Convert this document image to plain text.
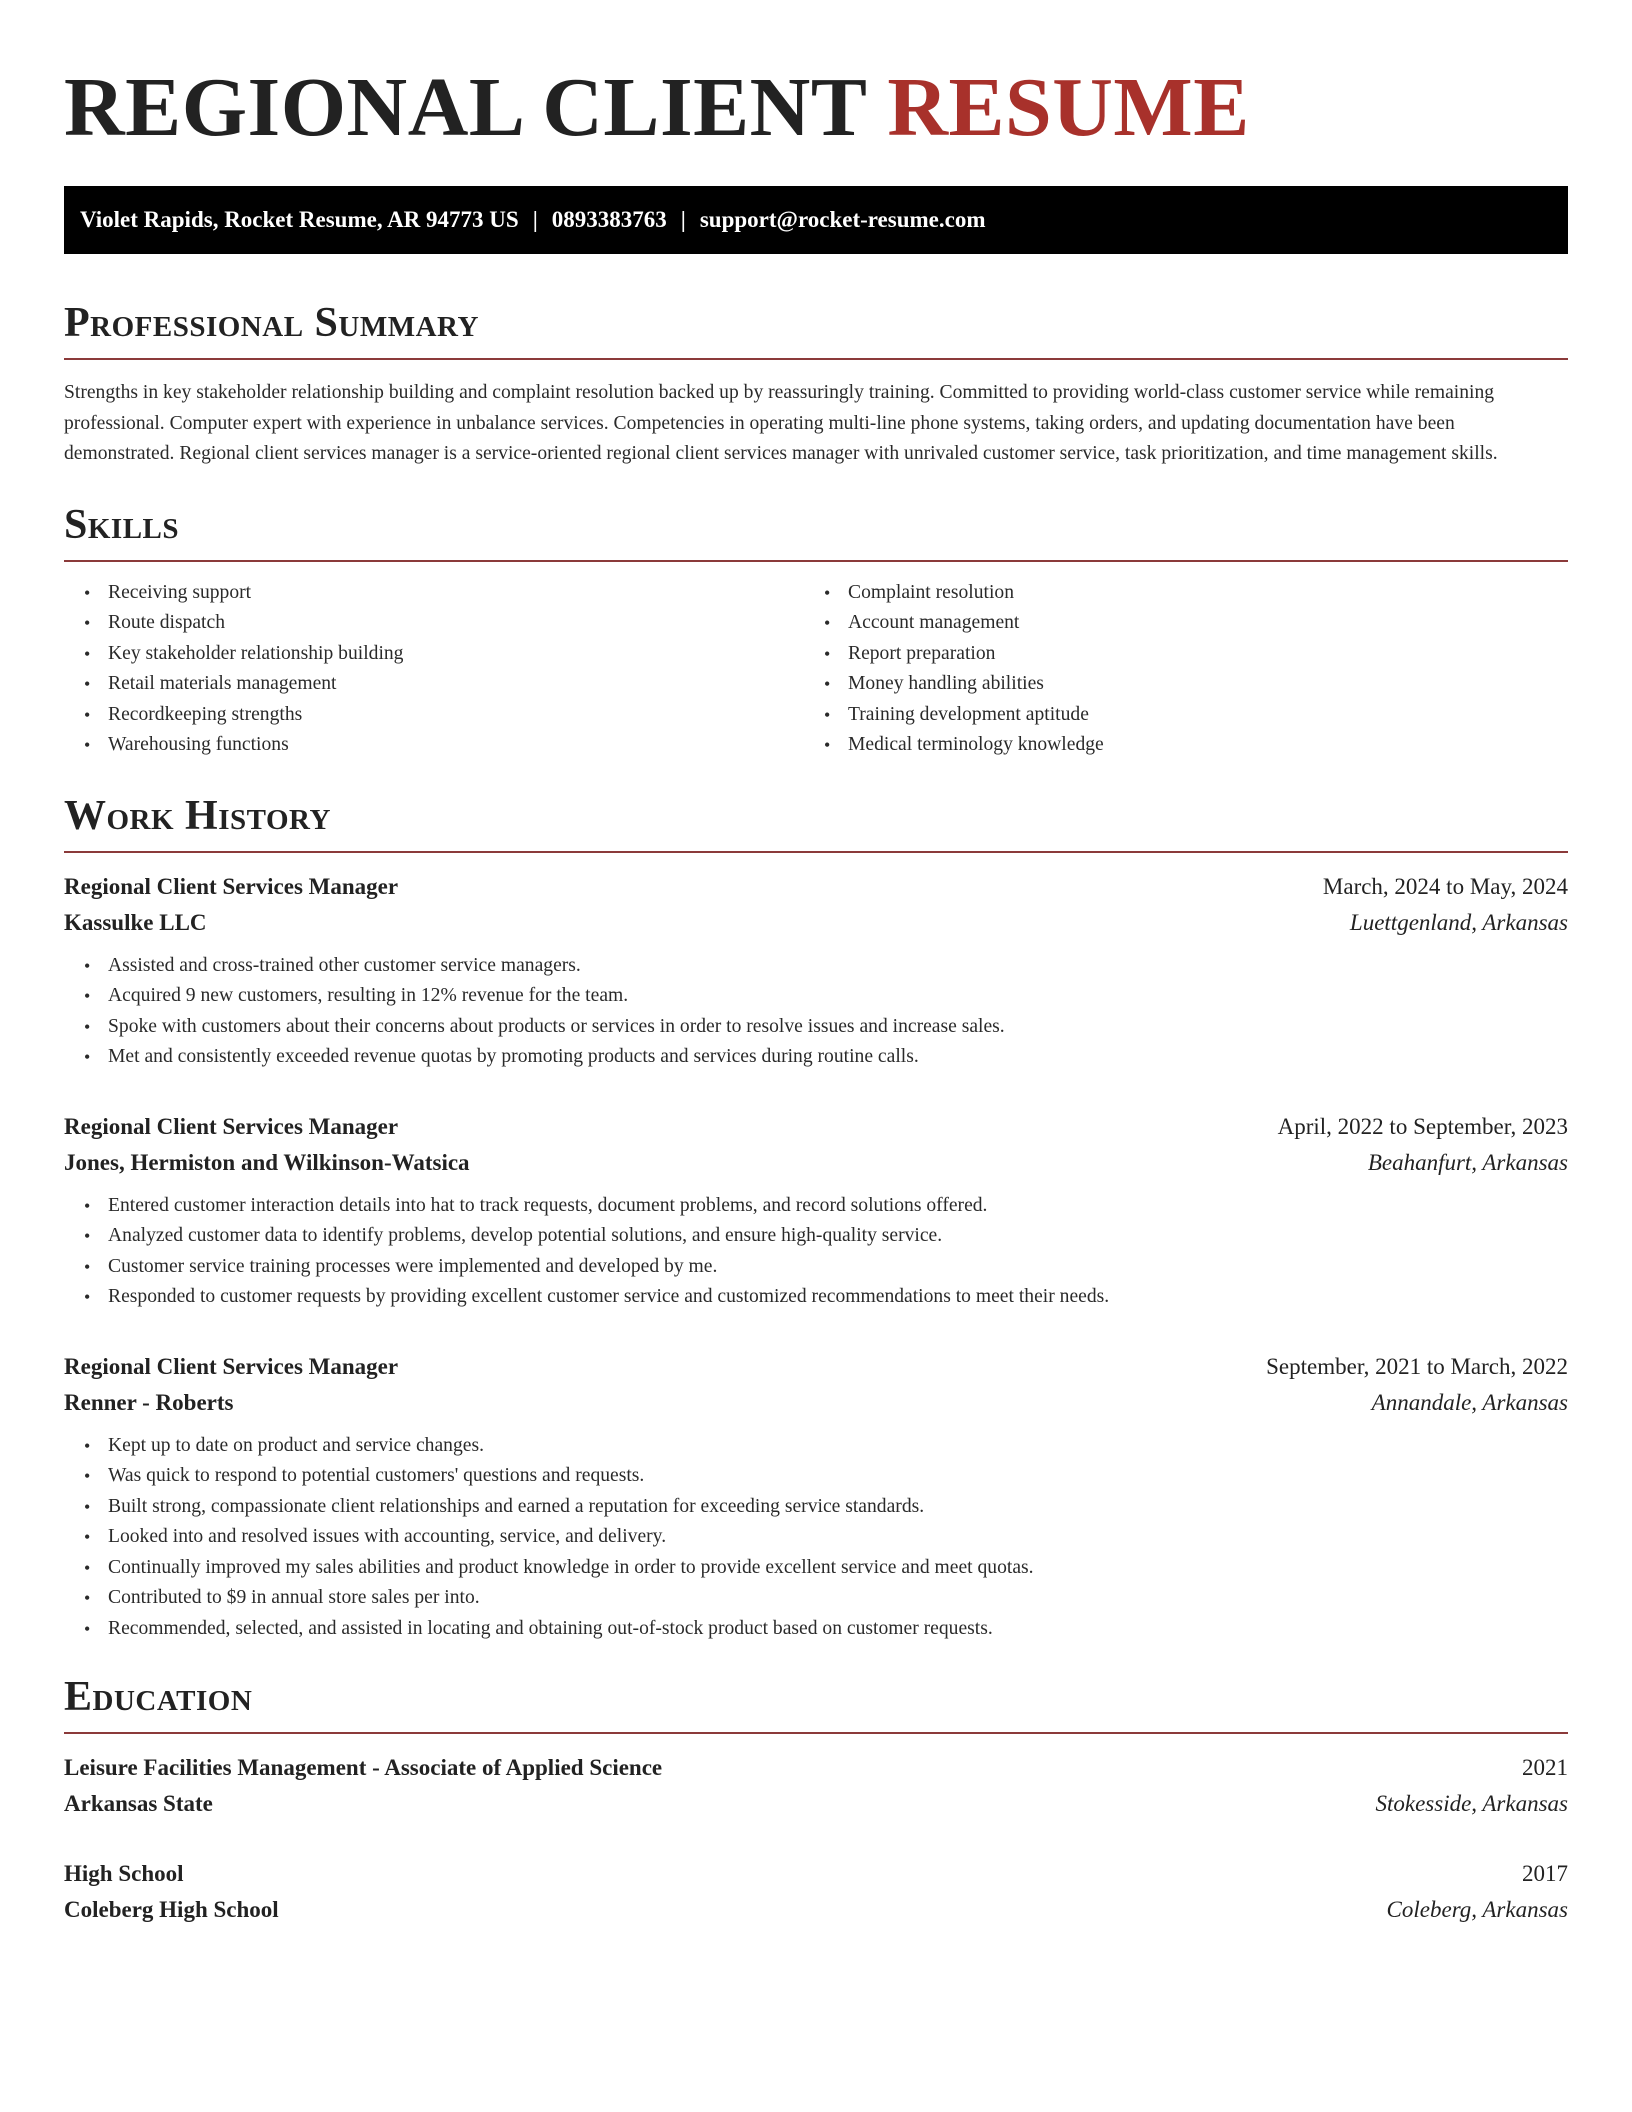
REGIONAL CLIENT RESUME
Violet Rapids, Rocket Resume, AR 94773 US | 0893383763 | support@rocket-resume.com
Professional Summary

Strengths in key stakeholder relationship building and complaint resolution backed up by reassuringly training. Committed to providing world-class customer service while remaining professional. Computer expert with experience in unbalance services. Competencies in operating multi-line phone systems, taking orders, and updating documentation have been demonstrated. Regional client services manager is a service-oriented regional client services manager with unrivaled customer service, task prioritization, and time management skills.

Skills
• Receiving support
• Route dispatch
• Key stakeholder relationship building
• Retail materials management
• Recordkeeping strengths
• Warehousing functions
• Complaint resolution
• Account management
• Report preparation
• Money handling abilities
• Training development aptitude
• Medical terminology knowledge
Work History
Regional Client Services Manager	March, 2024 to May, 2024
Kassulke LLC	Luettgenland, Arkansas
• Assisted and cross-trained other customer service managers.
• Acquired 9 new customers, resulting in 12% revenue for the team.
• Spoke with customers about their concerns about products or services in order to resolve issues and increase sales.
• Met and consistently exceeded revenue quotas by promoting products and services during routine calls.
Regional Client Services Manager	April, 2022 to September, 2023
Jones, Hermiston and Wilkinson-Watsica	Beahanfurt, Arkansas
• Entered customer interaction details into hat to track requests, document problems, and record solutions offered.
• Analyzed customer data to identify problems, develop potential solutions, and ensure high-quality service.
• Customer service training processes were implemented and developed by me.
• Responded to customer requests by providing excellent customer service and customized recommendations to meet their needs.
Regional Client Services Manager	September, 2021 to March, 2022
Renner - Roberts	Annandale, Arkansas
• Kept up to date on product and service changes.
• Was quick to respond to potential customers' questions and requests.
• Built strong, compassionate client relationships and earned a reputation for exceeding service standards.
• Looked into and resolved issues with accounting, service, and delivery.
• Continually improved my sales abilities and product knowledge in order to provide excellent service and meet quotas.
• Contributed to $9 in annual store sales per into.
• Recommended, selected, and assisted in locating and obtaining out-of-stock product based on customer requests.
Education
Leisure Facilities Management - Associate of Applied Science	2021
Arkansas State	Stokesside, Arkansas
High School	2017
Coleberg High School	Coleberg, Arkansas
